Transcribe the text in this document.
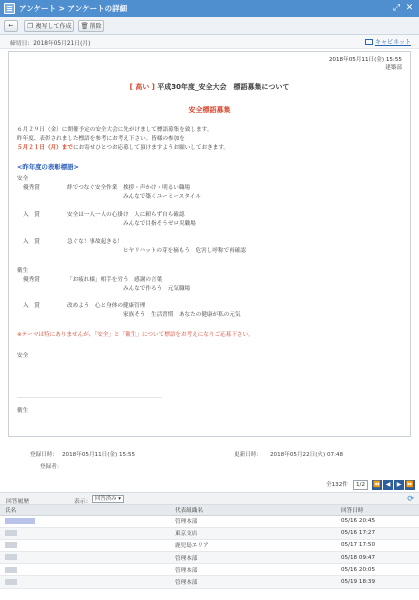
アンケート > アンケートの詳細	⤢ ✕
←	❐ 複写して作成	🗑削除
締切日：2018年05月21日(月)	キャビネット
2018年05月11日(金) 15:55
建築部
[ 高い ] 平成30年度_安全大会　標語募集について
安全標語募集
６月２９日（金）に開催予定の安全大会に先がけまして標語募集を致します。
昨年度、表彰されました標語を参考にお考え下さい。皆様の参加を
５月２１日（月）までにお寄せひとつお応募して頂けますようお願いしておきます。
<昨年度の表彰標語>
安全
優秀賞	絆でつなぐ安全作業　挨拶・声かけ・明るい職場
みんなで築くユーミースタイル
入　賞	安全は一人一人の心掛け　人に頼らず自ら確認
みんなで目指そうゼロ災職場
入　賞	急ぐな！事故起きる！
ヒヤリハットの芽を摘もう　危害し呼称で再確認
衛生
優秀賞	「お疲れ様」相手を労う　感謝の言葉
みんなで作ろう　元気職場
入　賞	改めよう　心と身体の健康管理
家族そう　生活習慣　あなたの健康が私の元気
※テーマは特にありませんが、「安全」と「衛生」について標語をお考えになりご応募下さい。
安全
衛生
登録日時： 2018年05月11日(金) 15:55	更新日時： 2018年05月22日(火) 07:48
登録者：
全132件	1/2	⏪ ◀	▶ ⏩
回答履歴	表示： 回答済み ▾	⟳
氏名	代表組織名	回答日時
	管理本部	05/16 20:45
	東京支店	05/16 17:27
	鹿児島エリア	05/17 17:50
	管理本部	05/18 09:47
	管理本部	05/16 20:05
	管理本部	05/19 18:39
